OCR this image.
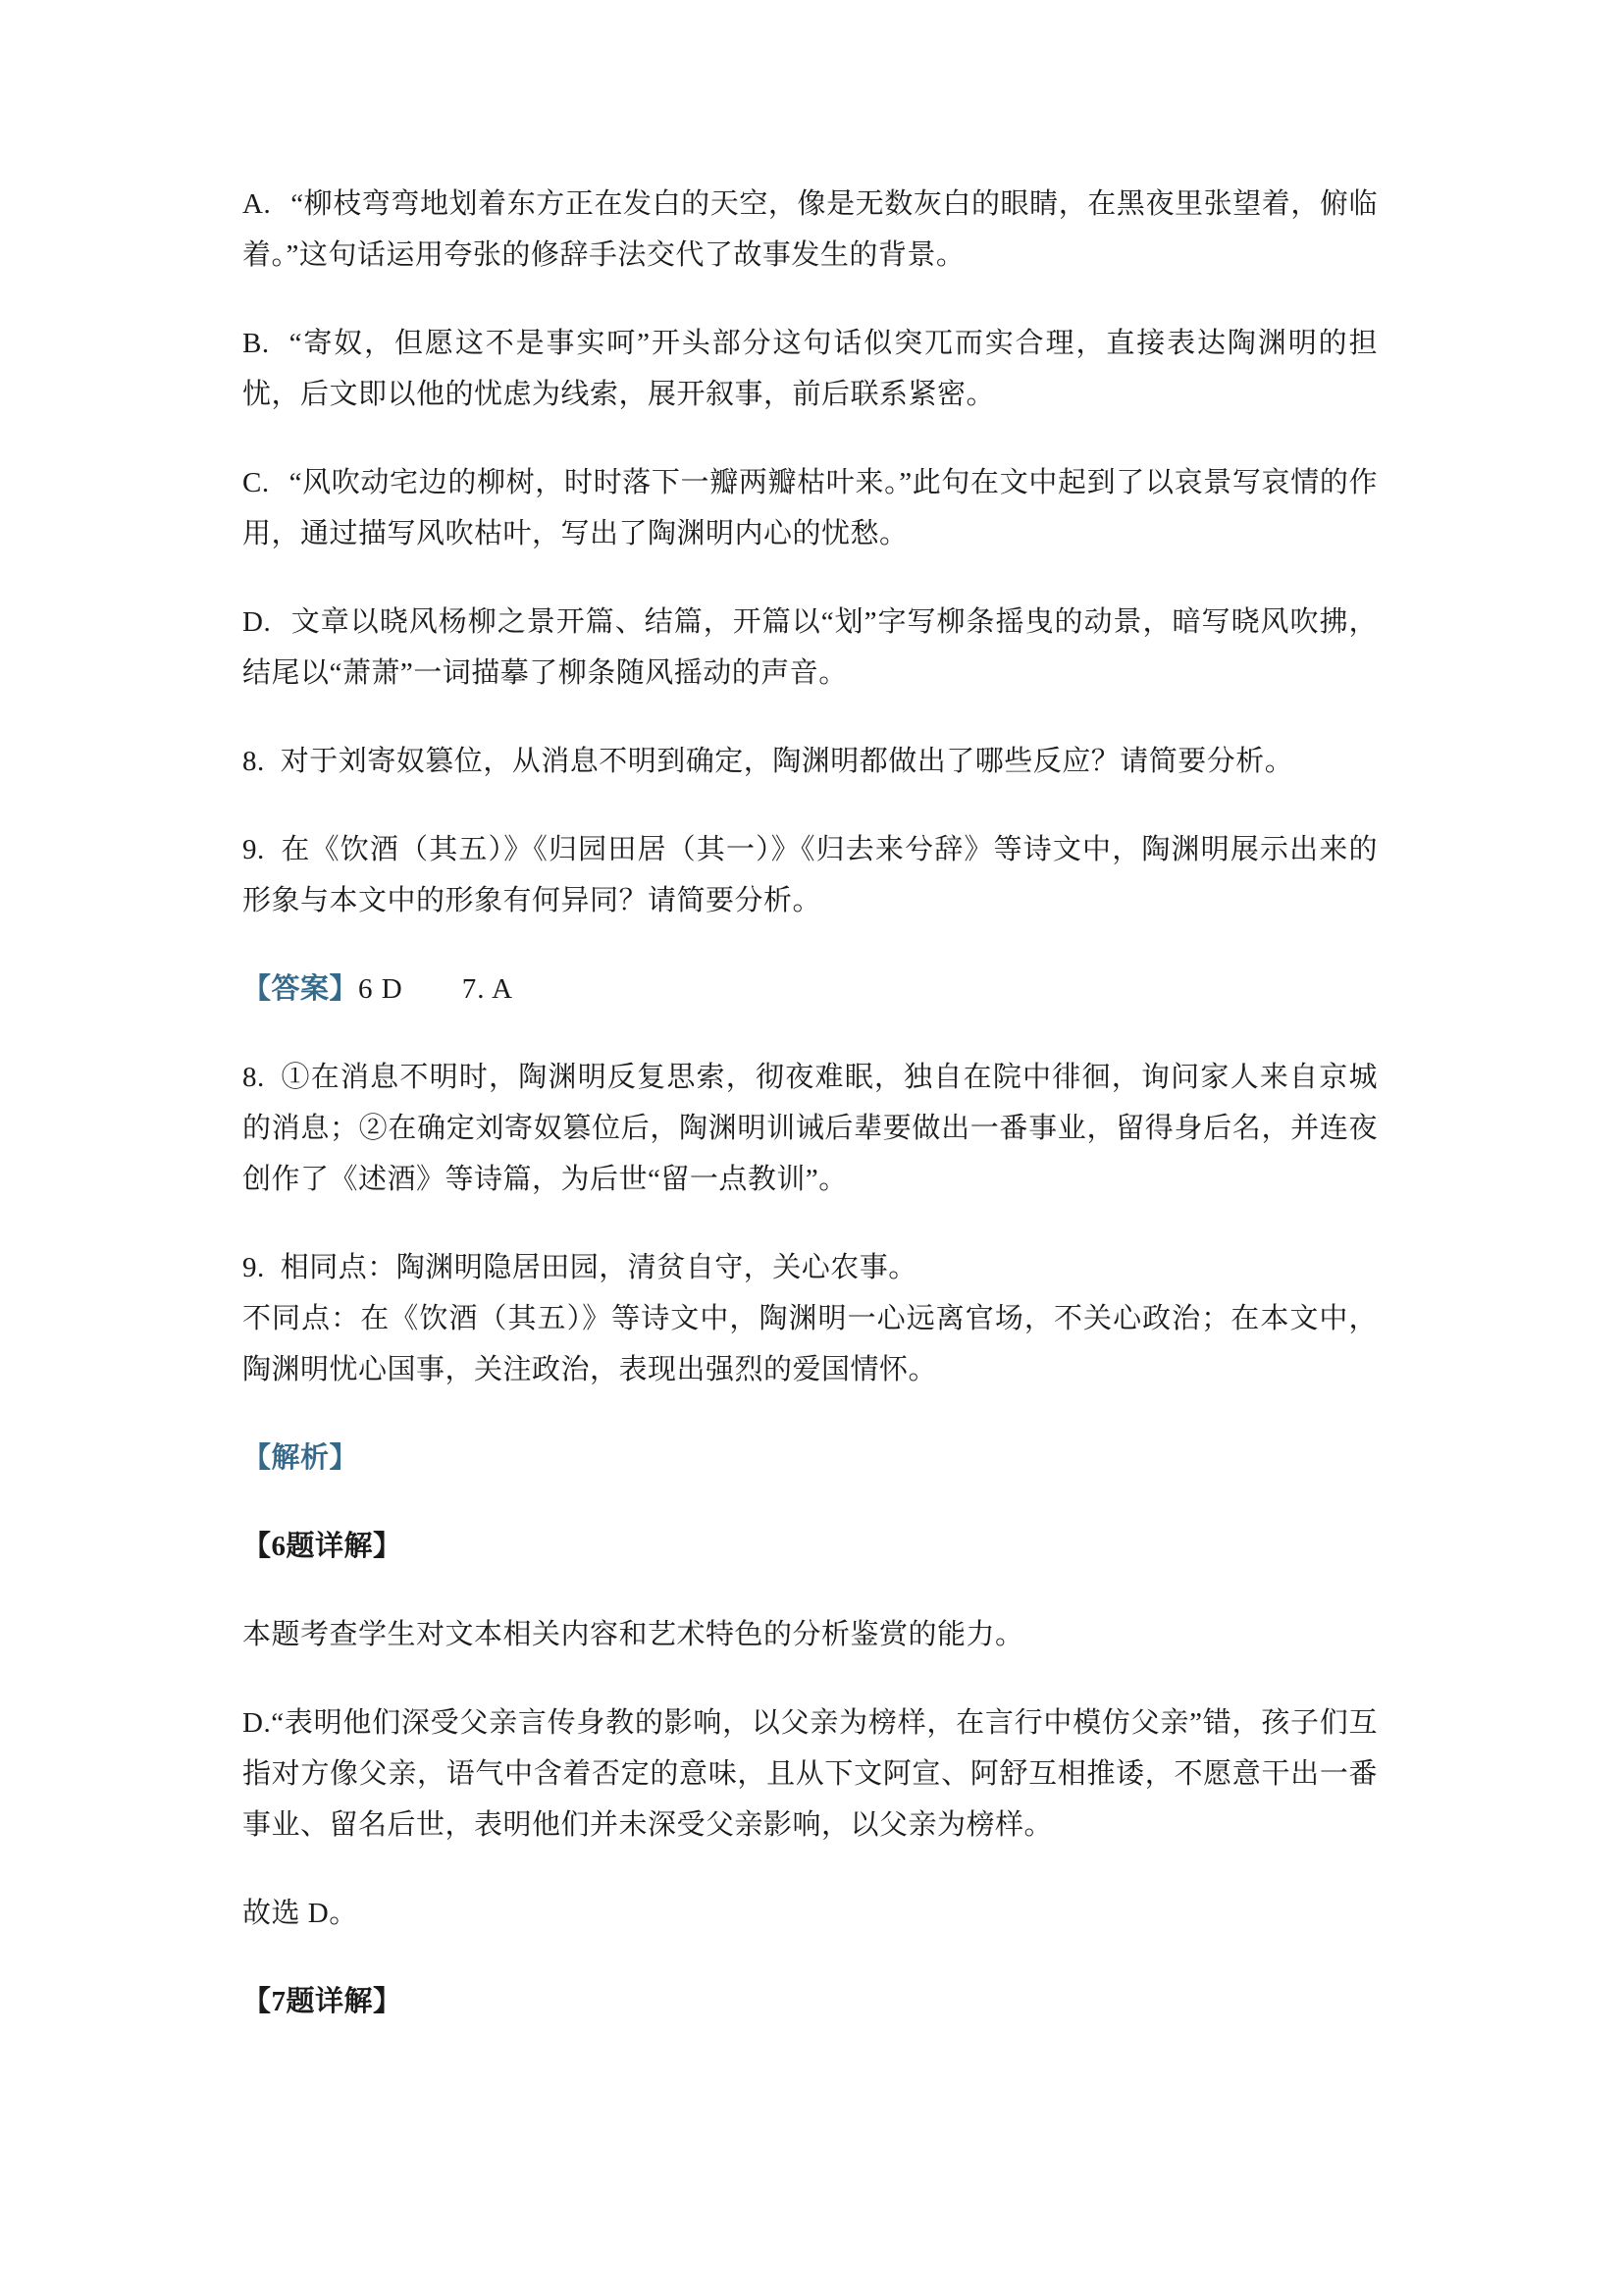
A. “柳枝弯弯地划着东方正在发白的天空，像是无数灰白的眼睛，在黑夜里张望着，俯临着。”这句话运用夸张的修辞手法交代了故事发生的背景。

B. “寄奴，但愿这不是事实呵”开头部分这句话似突兀而实合理，直接表达陶渊明的担忧，后文即以他的忧虑为线索，展开叙事，前后联系紧密。

C. “风吹动宅边的柳树，时时落下一瓣两瓣枯叶来。”此句在文中起到了以哀景写哀情的作用，通过描写风吹枯叶，写出了陶渊明内心的忧愁。

D. 文章以晓风杨柳之景开篇、结篇，开篇以“划”字写柳条摇曳的动景，暗写晓风吹拂，结尾以“萧萧”一词描摹了柳条随风摇动的声音。

8. 对于刘寄奴篡位，从消息不明到确定，陶渊明都做出了哪些反应？请简要分析。

9. 在《饮酒（其五）》《归园田居（其一）》《归去来兮辞》等诗文中，陶渊明展示出来的形象与本文中的形象有何异同？请简要分析。

【答案】6 D　　7. A

8. ①在消息不明时，陶渊明反复思索，彻夜难眠，独自在院中徘徊，询问家人来自京城的消息；②在确定刘寄奴篡位后，陶渊明训诫后辈要做出一番事业，留得身后名，并连夜创作了《述酒》等诗篇，为后世“留一点教训”。

9. 相同点：陶渊明隐居田园，清贫自守，关心农事。
不同点：在《饮酒（其五）》等诗文中，陶渊明一心远离官场，不关心政治；在本文中，陶渊明忧心国事，关注政治，表现出强烈的爱国情怀。

【解析】

【6题详解】

本题考查学生对文本相关内容和艺术特色的分析鉴赏的能力。

D.“表明他们深受父亲言传身教的影响，以父亲为榜样，在言行中模仿父亲”错，孩子们互指对方像父亲，语气中含着否定的意味，且从下文阿宣、阿舒互相推诿，不愿意干出一番事业、留名后世，表明他们并未深受父亲影响，以父亲为榜样。

故选 D。

【7题详解】
